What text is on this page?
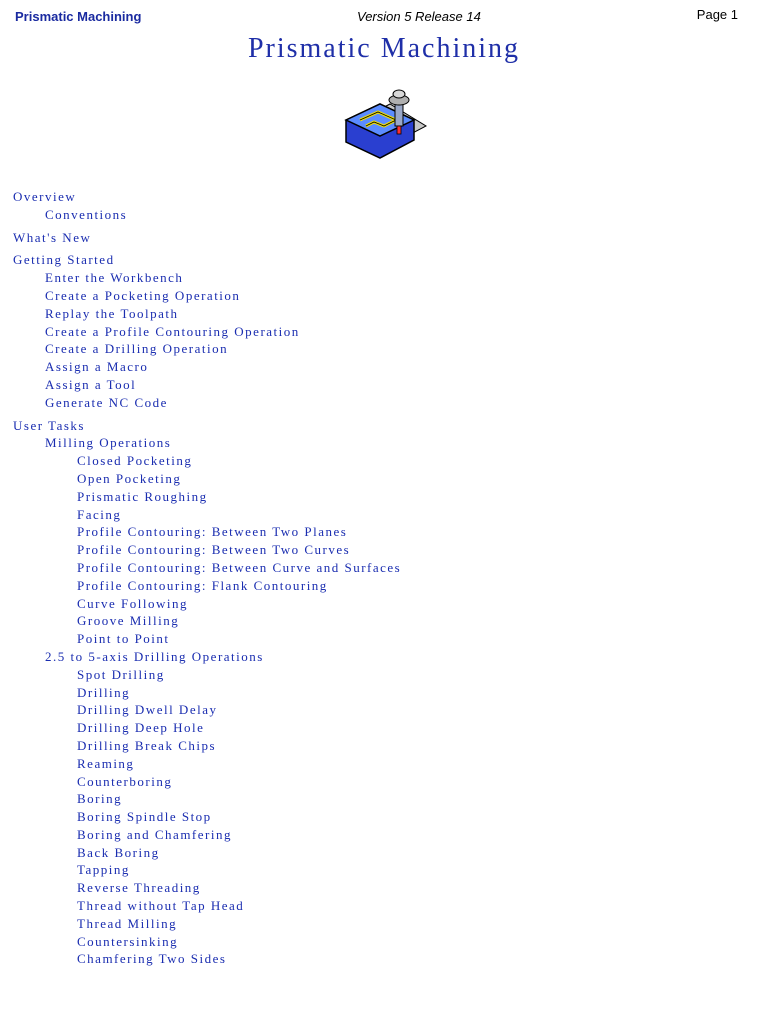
Prismatic Machining	Version 5 Release 14	Page 1
Prismatic Machining
Overview
Conventions
What's New
Getting Started
Enter the Workbench
Create a Pocketing Operation
Replay the Toolpath
Create a Profile Contouring Operation
Create a Drilling Operation
Assign a Macro
Assign a Tool
Generate NC Code
User Tasks
Milling Operations
Closed Pocketing
Open Pocketing
Prismatic Roughing
Facing
Profile Contouring: Between Two Planes
Profile Contouring: Between Two Curves
Profile Contouring: Between Curve and Surfaces
Profile Contouring: Flank Contouring
Curve Following
Groove Milling
Point to Point
2.5 to 5-axis Drilling Operations
Spot Drilling
Drilling
Drilling Dwell Delay
Drilling Deep Hole
Drilling Break Chips
Reaming
Counterboring
Boring
Boring Spindle Stop
Boring and Chamfering
Back Boring
Tapping
Reverse Threading
Thread without Tap Head
Thread Milling
Countersinking
Chamfering Two Sides
